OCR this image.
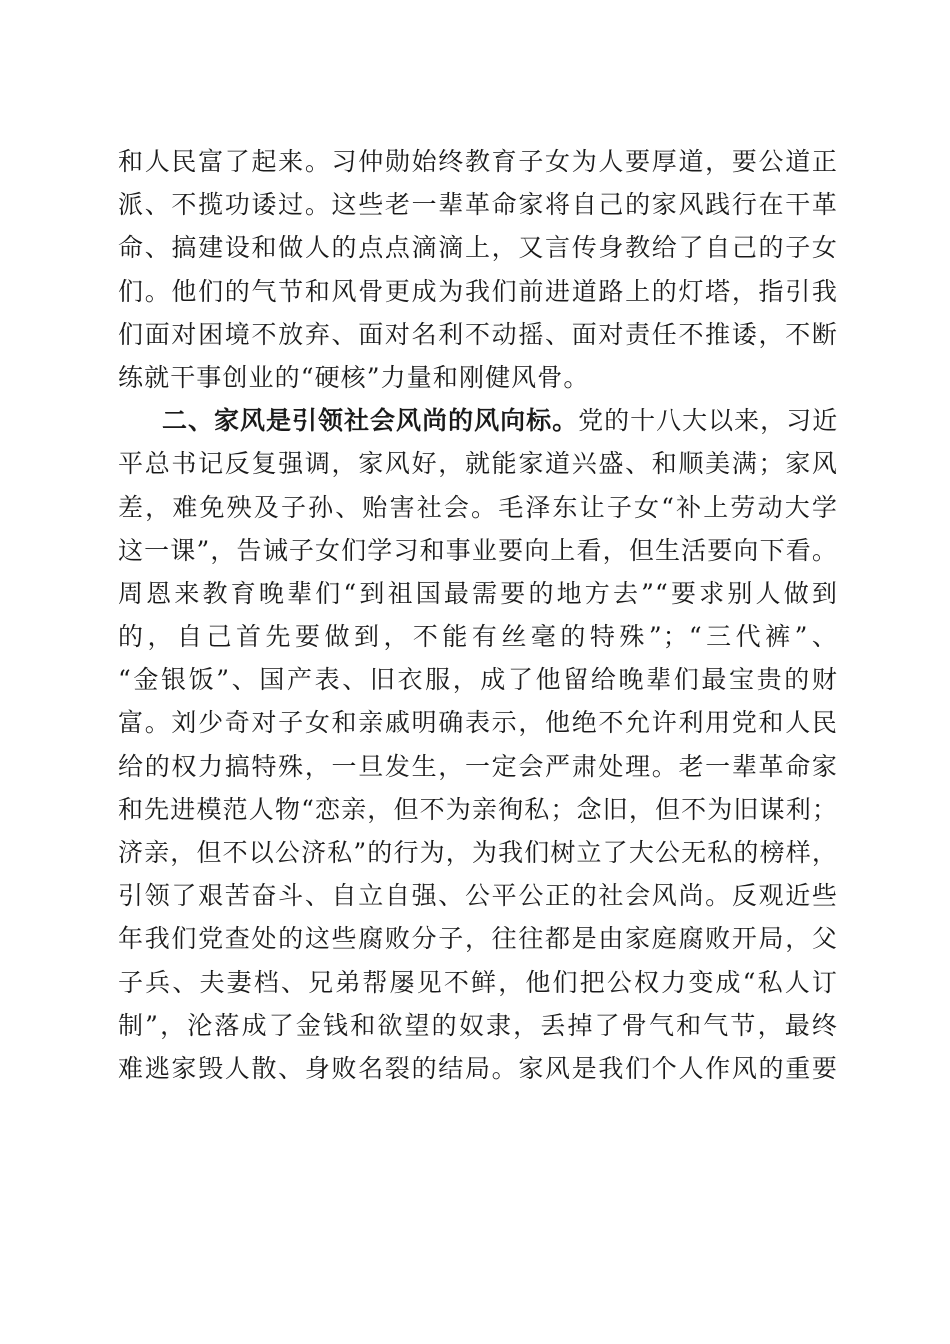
和人民富了起来。习仲勋始终教育子女为人要厚道，要公道正
派、不揽功诿过。这些老一辈革命家将自己的家风践行在干革
命、搞建设和做人的点点滴滴上，又言传身教给了自己的子女
们。他们的气节和风骨更成为我们前进道路上的灯塔，指引我
们面对困境不放弃、面对名利不动摇、面对责任不推诿，不断
练就干事创业的“硬核”力量和刚健风骨。
二、家风是引领社会风尚的风向标。党的十八大以来，习近
平总书记反复强调，家风好，就能家道兴盛、和顺美满；家风
差，难免殃及子孙、贻害社会。毛泽东让子女“补上劳动大学
这一课”，告诫子女们学习和事业要向上看，但生活要向下看。
周恩来教育晚辈们“到祖国最需要的地方去”“要求别人做到
的，自己首先要做到，不能有丝毫的特殊”；“三代裤”、
“金银饭”、国产表、旧衣服，成了他留给晚辈们最宝贵的财
富。刘少奇对子女和亲戚明确表示，他绝不允许利用党和人民
给的权力搞特殊，一旦发生，一定会严肃处理。老一辈革命家
和先进模范人物“恋亲，但不为亲徇私；念旧，但不为旧谋利；
济亲，但不以公济私”的行为，为我们树立了大公无私的榜样，
引领了艰苦奋斗、自立自强、公平公正的社会风尚。反观近些
年我们党查处的这些腐败分子，往往都是由家庭腐败开局，父
子兵、夫妻档、兄弟帮屡见不鲜，他们把公权力变成“私人订
制”，沦落成了金钱和欲望的奴隶，丢掉了骨气和气节，最终
难逃家毁人散、身败名裂的结局。家风是我们个人作风的重要
